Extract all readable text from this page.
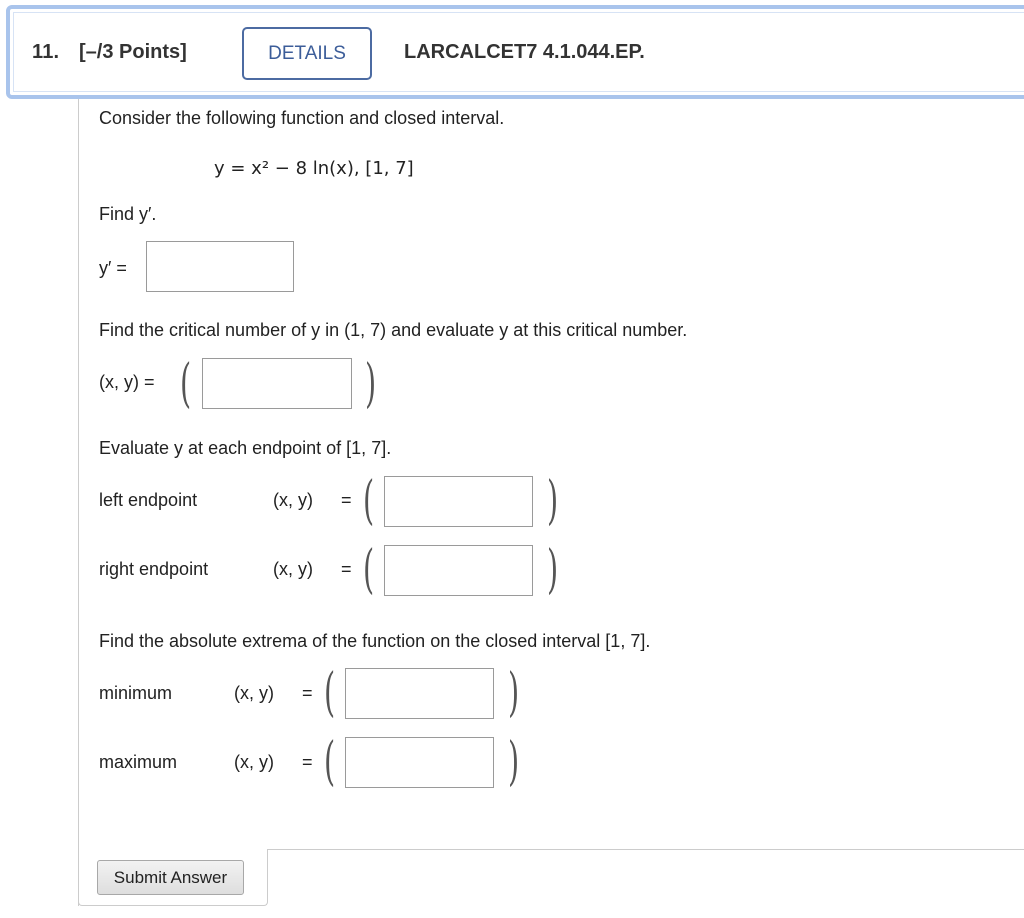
11. [–/3 Points]	DETAILS	LARCALCET7 4.1.044.EP.
Consider the following function and closed interval.
y = x² − 8 ln(x), [1, 7]
Find y′.
y′ =
Find the critical number of y in (1, 7) and evaluate y at this critical number.
(x, y) = (	)
Evaluate y at each endpoint of [1, 7].
left endpoint	(x, y) = (	)
right endpoint	(x, y) = (	)
Find the absolute extrema of the function on the closed interval [1, 7].
minimum	(x, y) = (	)
maximum	(x, y) = (	)
Submit Answer
